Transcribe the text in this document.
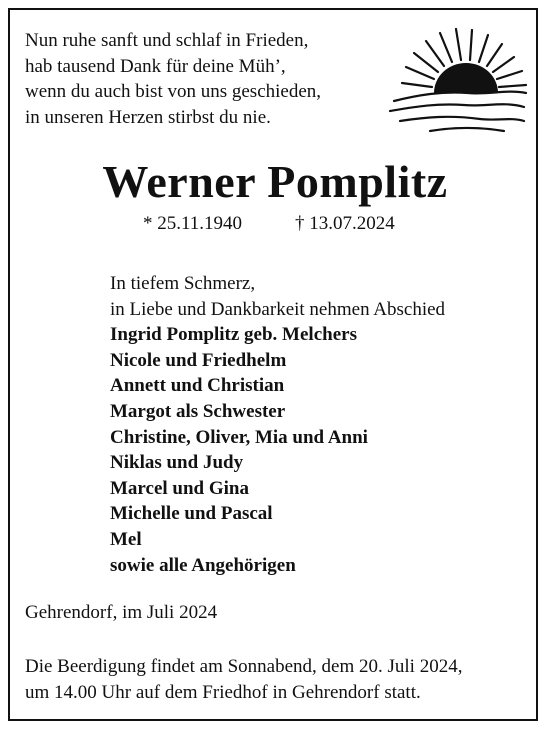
Nun ruhe sanft und schlaf in Frieden,
hab tausend Dank für deine Müh’,
wenn du auch bist von uns geschieden,
in unseren Herzen stirbst du nie.
Werner Pomplitz
* 25.11.1940	† 13.07.2024
In tiefem Schmerz,
in Liebe und Dankbarkeit nehmen Abschied
Ingrid Pomplitz geb. Melchers
Nicole und Friedhelm
Annett und Christian
Margot als Schwester
Christine, Oliver, Mia und Anni
Niklas und Judy
Marcel und Gina
Michelle und Pascal
Mel
sowie alle Angehörigen
Gehrendorf, im Juli 2024
Die Beerdigung findet am Sonnabend, dem 20. Juli 2024,
um 14.00 Uhr auf dem Friedhof in Gehrendorf statt.
